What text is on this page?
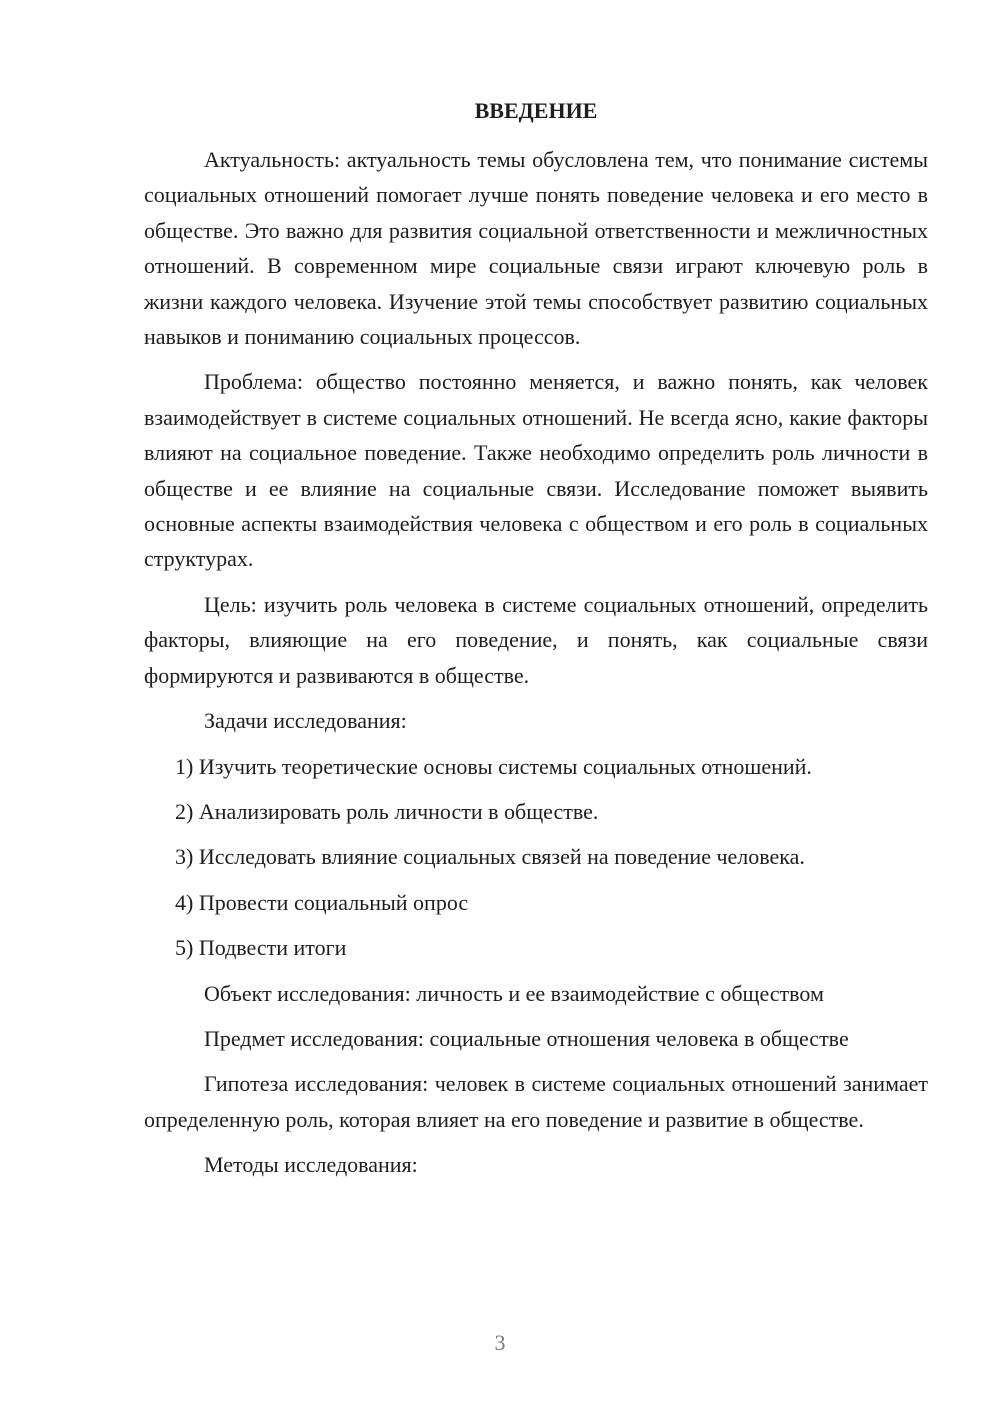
ВВЕДЕНИЕ

Актуальность: актуальность темы обусловлена тем, что понимание системы социальных отношений помогает лучше понять поведение человека и его место в обществе. Это важно для развития социальной ответственности и межличностных отношений. В современном мире социальные связи играют ключевую роль в жизни каждого человека. Изучение этой темы способствует развитию социальных навыков и пониманию социальных процессов.

Проблема: общество постоянно меняется, и важно понять, как человек взаимодействует в системе социальных отношений. Не всегда ясно, какие факторы влияют на социальное поведение. Также необходимо определить роль личности в обществе и ее влияние на социальные связи. Исследование поможет выявить основные аспекты взаимодействия человека с обществом и его роль в социальных структурах.

Цель: изучить роль человека в системе социальных отношений, определить факторы, влияющие на его поведение, и понять, как социальные связи формируются и развиваются в обществе.

Задачи исследования:

1) Изучить теоретические основы системы социальных отношений.

2) Анализировать роль личности в обществе.

3) Исследовать влияние социальных связей на поведение человека.

4) Провести социальный опрос

5) Подвести итоги

Объект исследования: личность и ее взаимодействие с обществом

Предмет исследования: социальные отношения человека в обществе

Гипотеза исследования: человек в системе социальных отношений занимает определенную роль, которая влияет на его поведение и развитие в обществе.

Методы исследования:

3
